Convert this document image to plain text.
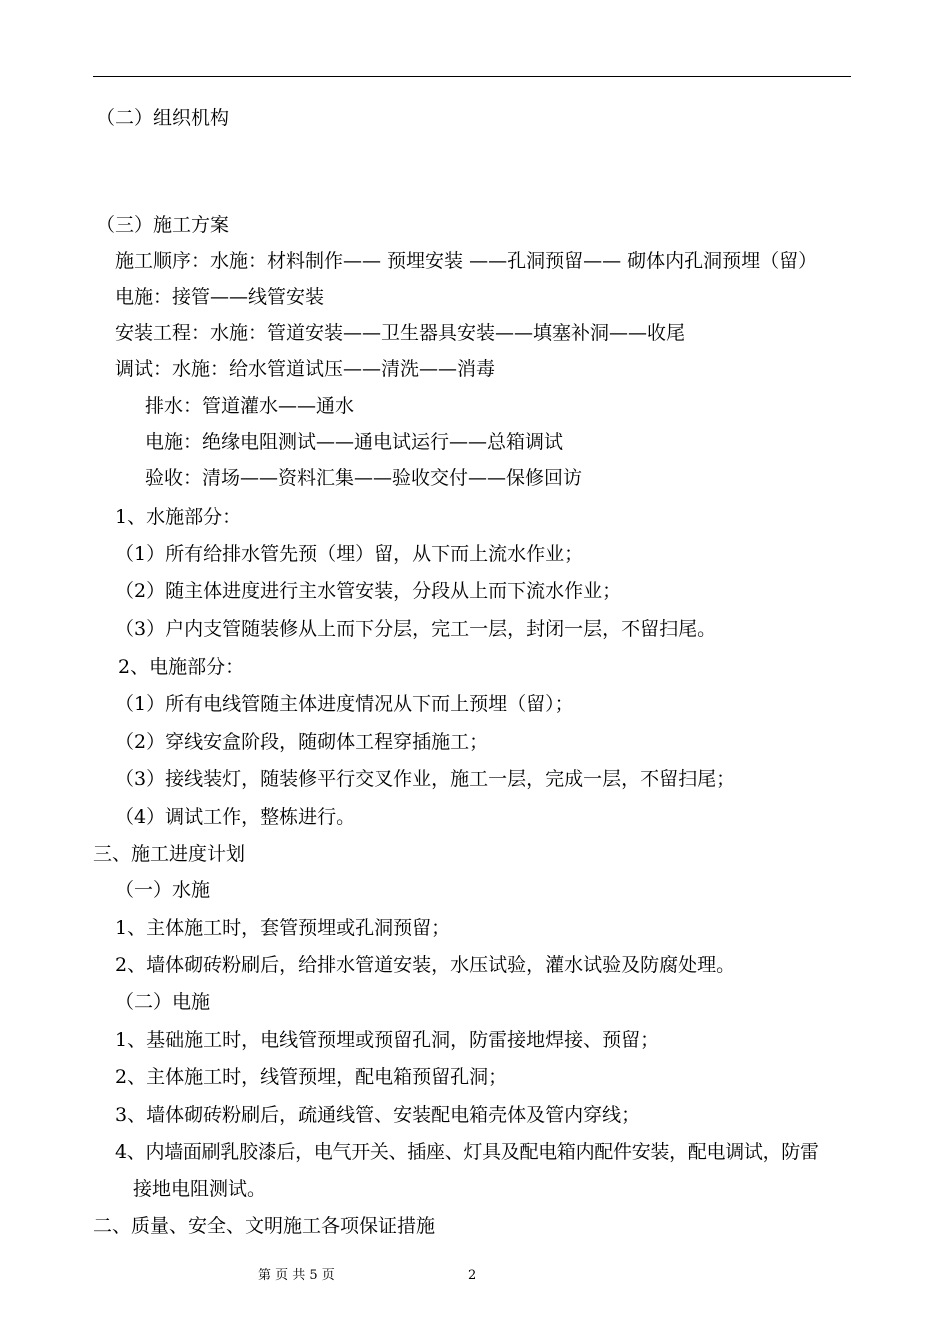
（二）组织机构
（三）施工方案
施工顺序：水施：材料制作—— 预埋安装 ——孔洞预留—— 砌体内孔洞预埋（留）
电施：接管——线管安装
安装工程：水施：管道安装——卫生器具安装——填塞补洞——收尾
调试：水施：给水管道试压——清洗——消毒
排水：管道灌水——通水
电施：绝缘电阻测试——通电试运行——总箱调试
验收：清场——资料汇集——验收交付——保修回访
1、水施部分：
（1）所有给排水管先预（埋）留，从下而上流水作业；
（2）随主体进度进行主水管安装，分段从上而下流水作业；
（3）户内支管随装修从上而下分层，完工一层，封闭一层，不留扫尾。
2、电施部分：
（1）所有电线管随主体进度情况从下而上预埋（留）；
（2）穿线安盒阶段，随砌体工程穿插施工；
（3）接线装灯，随装修平行交叉作业，施工一层，完成一层，不留扫尾；
（4）调试工作，整栋进行。
三、施工进度计划
（一）水施
1、主体施工时，套管预埋或孔洞预留；
2、墙体砌砖粉刷后，给排水管道安装，水压试验，灌水试验及防腐处理。
（二）电施
1、基础施工时，电线管预埋或预留孔洞，防雷接地焊接、预留；
2、主体施工时，线管预埋，配电箱预留孔洞；
3、墙体砌砖粉刷后，疏通线管、安装配电箱壳体及管内穿线；
4、内墙面刷乳胶漆后，电气开关、插座、灯具及配电箱内配件安装，配电调试，防雷
接地电阻测试。
二、质量、安全、文明施工各项保证措施
第 页 共 5 页	2
